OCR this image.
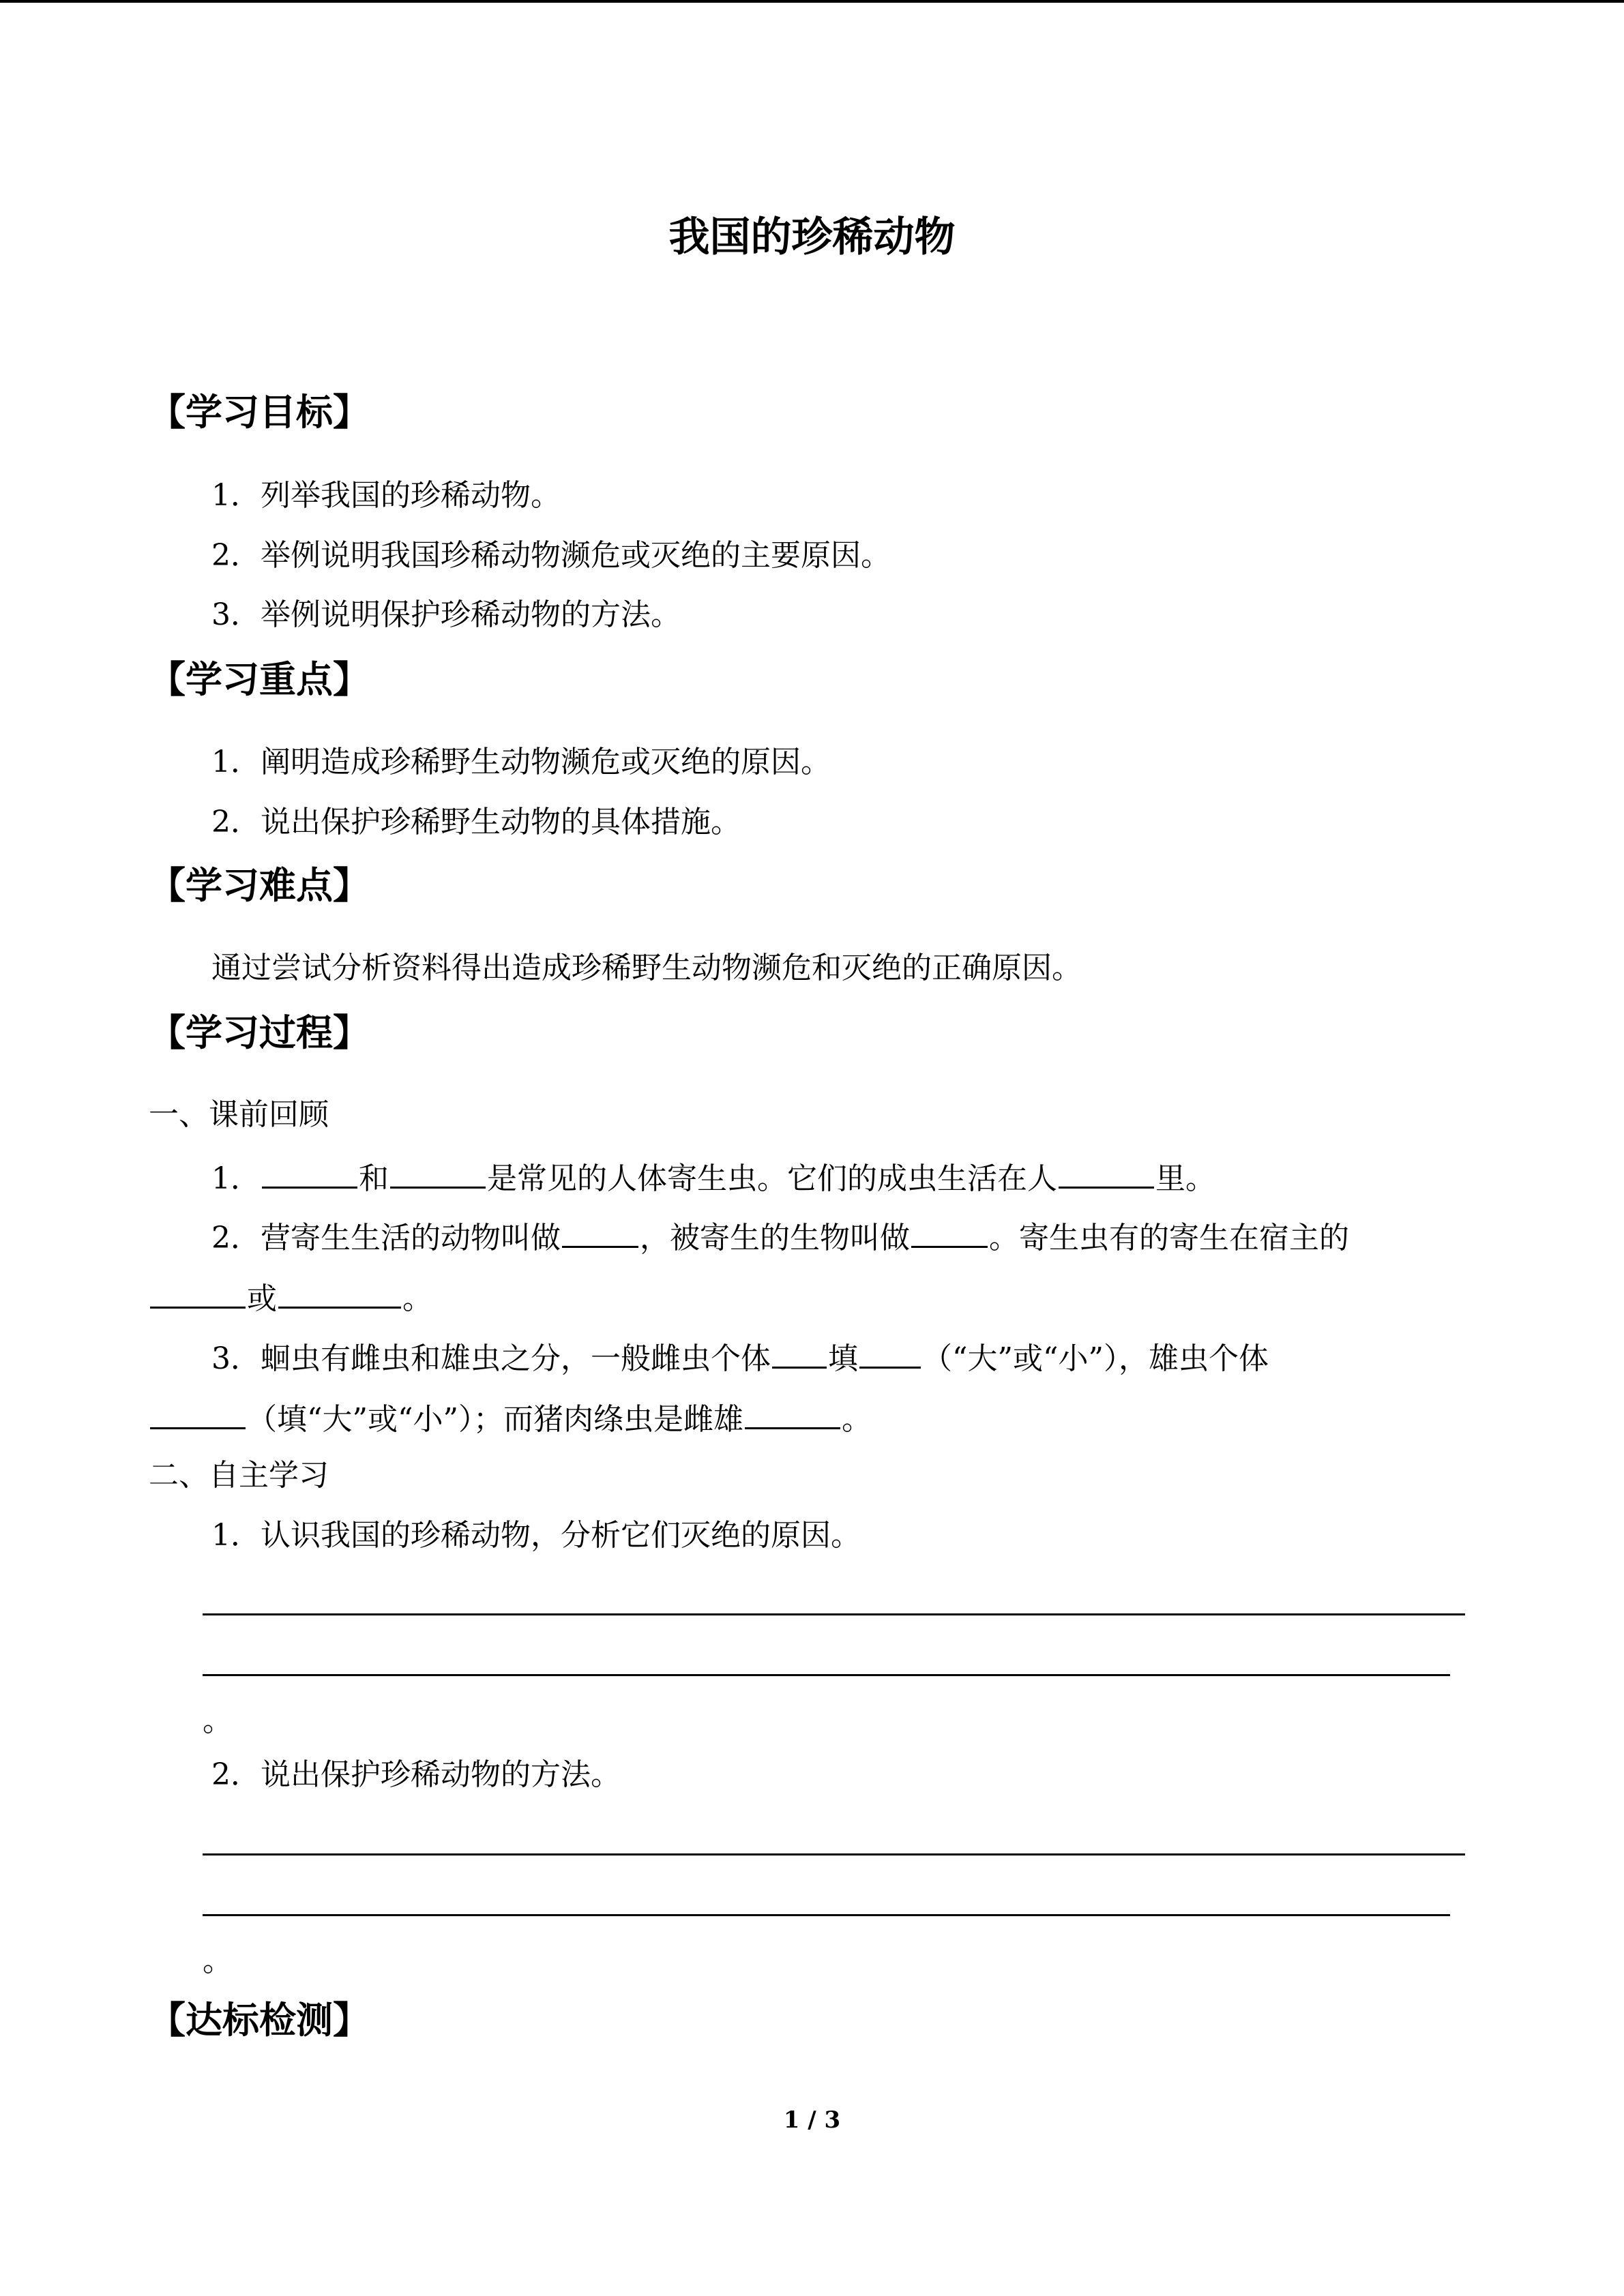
我国的珍稀动物
【学习目标】
1．列举我国的珍稀动物。
2．举例说明我国珍稀动物濒危或灭绝的主要原因。
3．举例说明保护珍稀动物的方法。
【学习重点】
1．阐明造成珍稀野生动物濒危或灭绝的原因。
2．说出保护珍稀野生动物的具体措施。
【学习难点】
通过尝试分析资料得出造成珍稀野生动物濒危和灭绝的正确原因。
【学习过程】
一、课前回顾
1．	和	是常见的人体寄生虫。它们的成虫生活在人	里。
2．营寄生生活的动物叫做	，被寄生的生物叫做	。寄生虫有的寄生在宿主的
或	。
3．蛔虫有雌虫和雄虫之分，一般雌虫个体 填 （“大”或“小”），雄虫个体
（填“大”或“小”）；而猪肉绦虫是雌雄	。
二、自主学习
1．认识我国的珍稀动物，分析它们灭绝的原因。
。
2．说出保护珍稀动物的方法。
。
【达标检测】
1 / 3
